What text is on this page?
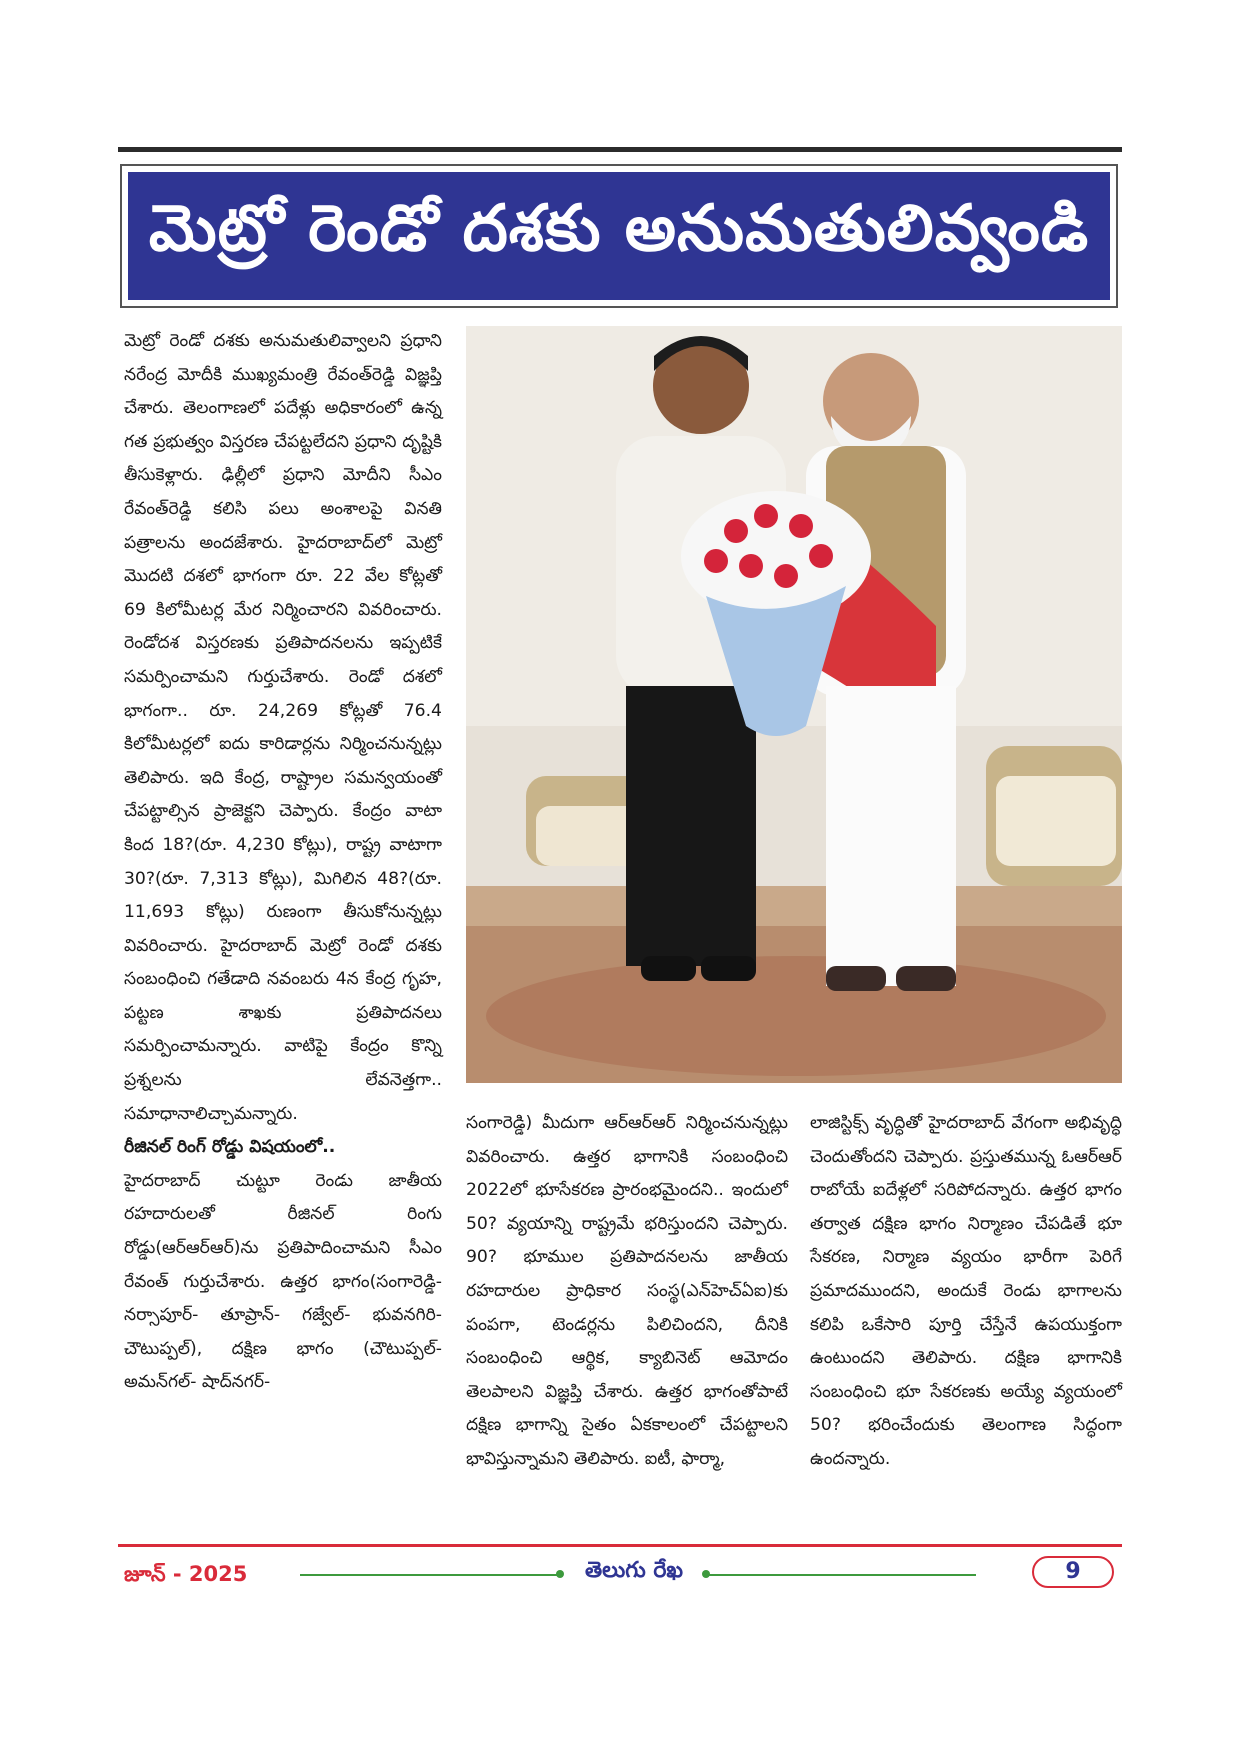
మెట్రో రెండో దశకు అనుమతులివ్వండి

మెట్రో రెండో దశకు అనుమతులివ్వాలని ప్రధాని నరేంద్ర మోదీకి ముఖ్యమంత్రి రేవంత్‌రెడ్డి విజ్ఞప్తి చేశారు. తెలంగాణలో పదేళ్లు అధికారంలో ఉన్న గత ప్రభుత్వం విస్తరణ చేపట్టలేదని ప్రధాని దృష్టికి తీసుకెళ్లారు. ఢిల్లీలో ప్రధాని మోదీని సీఎం రేవంత్‌రెడ్డి కలిసి పలు అంశాలపై వినతి పత్రాలను అందజేశారు. హైదరాబాద్‌లో మెట్రో మొదటి దశలో భాగంగా రూ. 22 వేల కోట్లతో 69 కిలోమీటర్ల మేర నిర్మించారని వివరించారు. రెండోదశ విస్తరణకు ప్రతిపాదనలను ఇప్పటికే సమర్పించామని గుర్తుచేశారు. రెండో దశలో భాగంగా.. రూ. 24,269 కోట్లతో 76.4 కిలోమీటర్లలో ఐదు కారిడార్లను నిర్మించనున్నట్లు తెలిపారు. ఇది కేంద్ర, రాష్ట్రాల సమన్వయంతో చేపట్టాల్సిన ప్రాజెక్టని చెప్పారు. కేంద్రం వాటా కింద 18?(రూ. 4,230 కోట్లు), రాష్ట్ర వాటాగా 30?(రూ. 7,313 కోట్లు), మిగిలిన 48?(రూ. 11,693 కోట్లు) రుణంగా తీసుకోనున్నట్లు వివరించారు. హైదరాబాద్ మెట్రో రెండో దశకు సంబంధించి గతేడాది నవంబరు 4న కేంద్ర గృహ, పట్టణ శాఖకు ప్రతిపాదనలు సమర్పించామన్నారు. వాటిపై కేంద్రం కొన్ని ప్రశ్నలను లేవనెత్తగా.. సమాధానాలిచ్చామన్నారు.

రీజినల్ రింగ్ రోడ్డు విషయంలో..

హైదరాబాద్ చుట్టూ రెండు జాతీయ రహదారులతో రీజినల్ రింగు రోడ్డు(ఆర్‌ఆర్‌ఆర్)ను ప్రతిపాదించామని సీఎం రేవంత్ గుర్తుచేశారు. ఉత్తర భాగం(సంగారెడ్డి- నర్సాపూర్- తూప్రాన్- గజ్వేల్- భువనగిరి-చౌటుప్పల్), దక్షిణ భాగం (చౌటుప్పల్- అమన్‌గల్- షాద్‌నగర్-

సంగారెడ్డి) మీదుగా ఆర్‌ఆర్‌ఆర్ నిర్మించనున్నట్లు వివరించారు. ఉత్తర భాగానికి సంబంధించి 2022లో భూసేకరణ ప్రారంభమైందని.. ఇందులో 50? వ్యయాన్ని రాష్ట్రమే భరిస్తుందని చెప్పారు. 90? భూముల ప్రతిపాదనలను జాతీయ రహదారుల ప్రాధికార సంస్థ(ఎన్‌హెచ్‌ఏఐ)కు పంపగా, టెండర్లను పిలిచిందని, దీనికి సంబంధించి ఆర్థిక, క్యాబినెట్ ఆమోదం తెలపాలని విజ్ఞప్తి చేశారు. ఉత్తర భాగంతోపాటే దక్షిణ భాగాన్ని సైతం ఏకకాలంలో చేపట్టాలని భావిస్తున్నామని తెలిపారు. ఐటీ, ఫార్మా,

లాజిస్టిక్స్ వృద్ధితో హైదరాబాద్ వేగంగా అభివృద్ధి చెందుతోందని చెప్పారు. ప్రస్తుతమున్న ఓఆర్ఆర్ రాబోయే ఐదేళ్లలో సరిపోదన్నారు. ఉత్తర భాగం తర్వాత దక్షిణ భాగం నిర్మాణం చేపడితే భూ సేకరణ, నిర్మాణ వ్యయం భారీగా పెరిగే ప్రమాదముందని, అందుకే రెండు భాగాలను కలిపి ఒకేసారి పూర్తి చేస్తేనే ఉపయుక్తంగా ఉంటుందని తెలిపారు. దక్షిణ భాగానికి సంబంధించి భూ సేకరణకు అయ్యే వ్యయంలో 50? భరించేందుకు తెలంగాణ సిద్ధంగా ఉందన్నారు.

జూన్ - 2025	తెలుగు రేఖ	9
